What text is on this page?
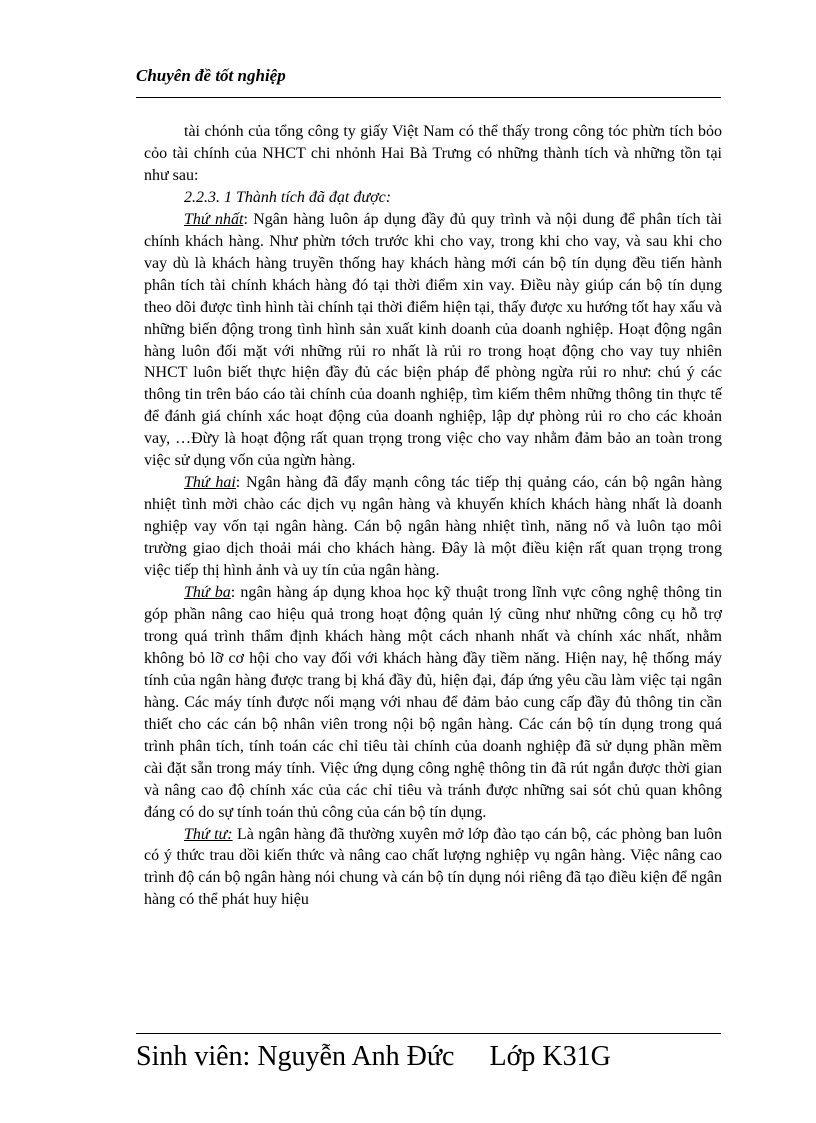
Chuyên đề tốt nghiệp

tài chónh của tổng công ty giấy Việt Nam có thể thấy trong công tóc phừn tích bỏo cỏo tài chính của NHCT chi nhỏnh Hai Bà Trưng có những thành tích và những tồn tại như sau:

2.2.3. 1 Thành tích đã đạt được:

Thứ nhất: Ngân hàng luôn áp dụng đầy đủ quy trình và nội dung để phân tích tài chính khách hàng. Như phừn tớch trước khi cho vay, trong khi cho vay, và sau khi cho vay dù là khách hàng truyền thống hay khách hàng mới cán bộ tín dụng đều tiến hành phân tích tài chính khách hàng đó tại thời điểm xin vay. Điều này giúp cán bộ tín dụng theo dõi được tình hình tài chính tại thời điểm hiện tại, thấy được xu hướng tốt hay xấu và những biến động trong tình hình sản xuất kinh doanh của doanh nghiệp. Hoạt động ngân hàng luôn đối mặt với những rủi ro nhất là rủi ro trong hoạt động cho vay tuy nhiên NHCT luôn biết thực hiện đầy đủ các biện pháp để phòng ngừa rủi ro như: chú ý các thông tin trên báo cáo tài chính của doanh nghiệp, tìm kiếm thêm những thông tin thực tế để đánh giá chính xác hoạt động của doanh nghiệp, lập dự phòng rủi ro cho các khoản vay, …Đừy là hoạt động rất quan trọng trong việc cho vay nhằm đảm bảo an toàn trong việc sử dụng vốn của ngừn hàng.

Thứ hai: Ngân hàng đã đẩy mạnh công tác tiếp thị quảng cáo, cán bộ ngân hàng nhiệt tình mời chào các dịch vụ ngân hàng và khuyến khích khách hàng nhất là doanh nghiệp vay vốn tại ngân hàng. Cán bộ ngân hàng nhiệt tình, năng nổ và luôn tạo môi trường giao dịch thoải mái cho khách hàng. Đây là một điều kiện rất quan trọng trong việc tiếp thị hình ảnh và uy tín của ngân hàng.

Thứ ba: ngân hàng áp dụng khoa học kỹ thuật trong lĩnh vực công nghệ thông tin góp phần nâng cao hiệu quả trong hoạt động quản lý cũng như những công cụ hỗ trợ trong quá trình thẩm định khách hàng một cách nhanh nhất và chính xác nhất, nhằm không bỏ lỡ cơ hội cho vay đối với khách hàng đầy tiềm năng. Hiện nay, hệ thống máy tính của ngân hàng được trang bị khá đầy đủ, hiện đại, đáp ứng yêu cầu làm việc tại ngân hàng. Các máy tính được nối mạng với nhau để đảm bảo cung cấp đầy đủ thông tin cần thiết cho các cán bộ nhân viên trong nội bộ ngân hàng. Các cán bộ tín dụng trong quá trình phân tích, tính toán các chỉ tiêu tài chính của doanh nghiệp đã sử dụng phần mềm cài đặt sẵn trong máy tính. Việc ứng dụng công nghệ thông tin đã rút ngắn được thời gian và nâng cao độ chính xác của các chỉ tiêu và tránh được những sai sót chủ quan không đáng có do sự tính toán thủ công của cán bộ tín dụng.

Thứ tư: Là ngân hàng đã thường xuyên mở lớp đào tạo cán bộ, các phòng ban luôn có ý thức trau dồi kiến thức và nâng cao chất lượng nghiệp vụ ngân hàng. Việc nâng cao trình độ cán bộ ngân hàng nói chung và cán bộ tín dụng nói riêng đã tạo điều kiện để ngân hàng có thể phát huy hiệu

Sinh viên: Nguyễn Anh Đức     Lớp K31G
